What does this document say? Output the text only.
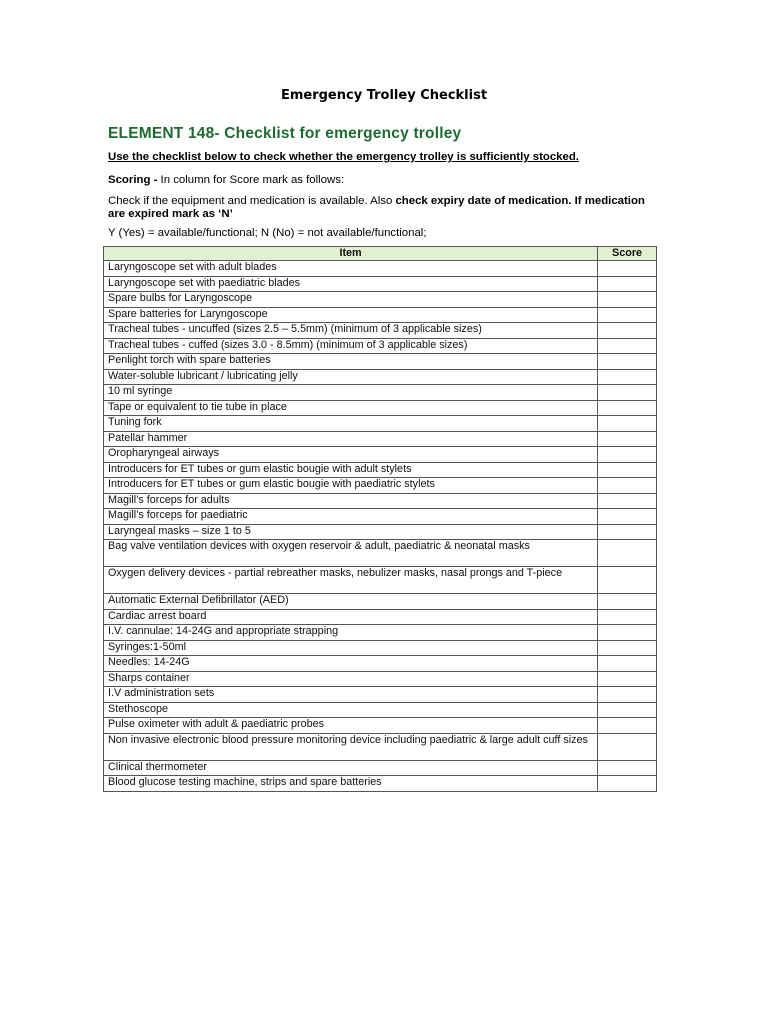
Emergency Trolley Checklist
ELEMENT 148- Checklist for emergency trolley
Use the checklist below to check whether the emergency trolley is sufficiently stocked.
Scoring - In column for Score mark as follows:
Check if the equipment and medication is available. Also check expiry date of medication. If medication are expired mark as ‘N’
Y (Yes) = available/functional; N (No) = not available/functional;
Item	Score
Laryngoscope set with adult blades	
Laryngoscope set with paediatric blades	
Spare bulbs for Laryngoscope	
Spare batteries for Laryngoscope	
Tracheal tubes - uncuffed (sizes 2.5 – 5.5mm) (minimum of 3 applicable sizes)	
Tracheal tubes - cuffed (sizes 3.0 - 8.5mm) (minimum of 3 applicable sizes)	
Penlight torch with spare batteries	
Water-soluble lubricant / lubricating jelly	
10 ml syringe	
Tape or equivalent to tie tube in place	
Tuning fork	
Patellar hammer	
Oropharyngeal airways	
Introducers for ET tubes or gum elastic bougie with adult stylets	
Introducers for ET tubes or gum elastic bougie with paediatric stylets	
Magill’s forceps for adults	
Magill’s forceps for paediatric	
Laryngeal masks – size 1 to 5	
Bag valve ventilation devices with oxygen reservoir & adult, paediatric & neonatal masks	
Oxygen delivery devices - partial rebreather masks, nebulizer masks, nasal prongs and T-piece	
Automatic External Defibrillator (AED)	
Cardiac arrest board	
I.V. cannulae: 14-24G and appropriate strapping	
Syringes:1-50ml	
Needles: 14-24G	
Sharps container	
I.V administration sets	
Stethoscope	
Pulse oximeter with adult & paediatric probes	
Non invasive electronic blood pressure monitoring device including paediatric & large adult cuff sizes	
Clinical thermometer	
Blood glucose testing machine, strips and spare batteries	
